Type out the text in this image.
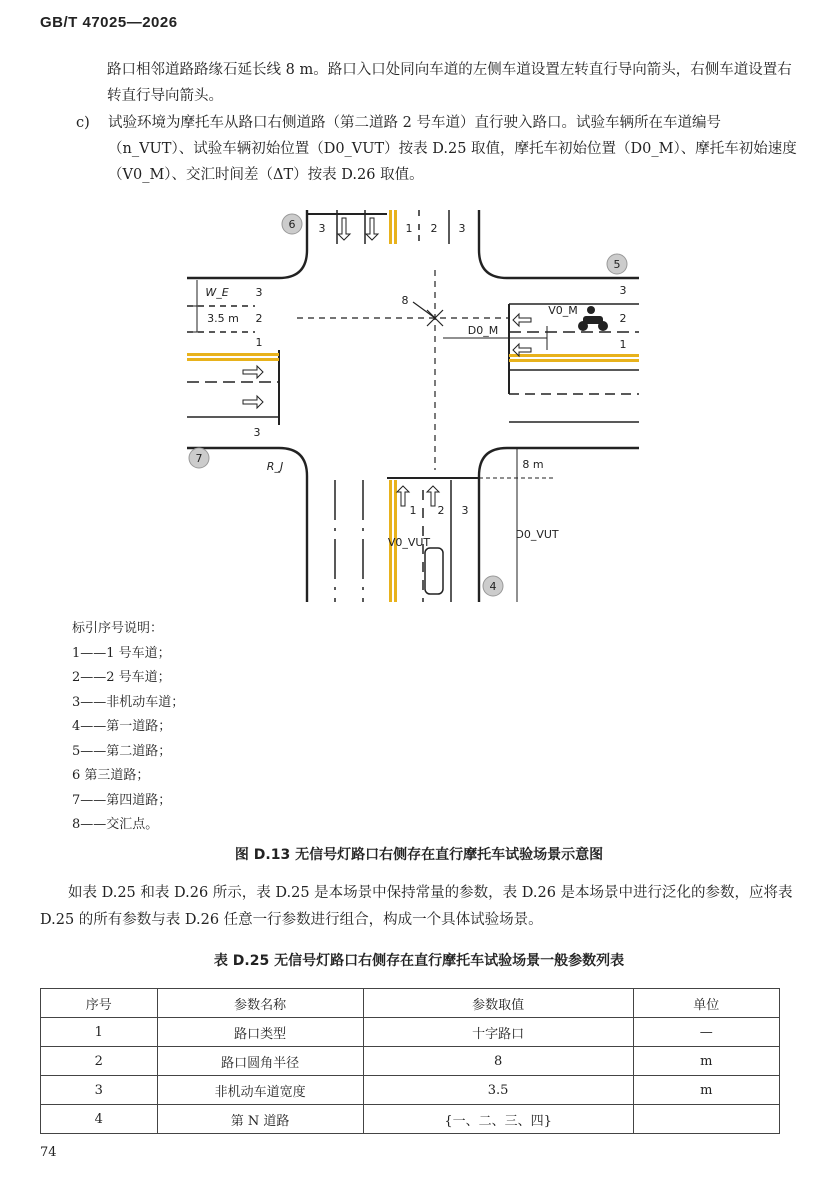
GB/T 47025—2026
路口相邻道路路缘石延长线 8 m。路口入口处同向车道的左侧车道设置左转直行导向箭头，右侧车道设置右转直行导向箭头。
c) 试验环境为摩托车从路口右侧道路（第二道路 2 号车道）直行驶入路口。试验车辆所在车道编号（n_VUT）、试验车辆初始位置（D0_VUT）按表 D.25 取值，摩托车初始位置（D0_M）、摩托车初始速度（V0_M）、交汇时间差（ΔT）按表 D.26 取值。
6
5
7
4
3	1 2 3
1 2 3
3
2
1
3
2
1
3
W_E
3.5 m
8 m
8
R_J
V0_M
D0_M
V0_VUT
D0_VUT
标引序号说明：
1——1 号车道；
2——2 号车道；
3——非机动车道；
4——第一道路；
5——第二道路；
6 第三道路；
7——第四道路；
8——交汇点。
图 D.13 无信号灯路口右侧存在直行摩托车试验场景示意图
如表 D.25 和表 D.26 所示，表 D.25 是本场景中保持常量的参数，表 D.26 是本场景中进行泛化的参数，应将表 D.25 的所有参数与表 D.26 任意一行参数进行组合，构成一个具体试验场景。
表 D.25 无信号灯路口右侧存在直行摩托车试验场景一般参数列表
序号	参数名称	参数取值	单位
1	路口类型	十字路口	—
2	路口圆角半径	8	m
3	非机动车道宽度	3.5	m
4	第 N 道路	{一、二、三、四}	
74
